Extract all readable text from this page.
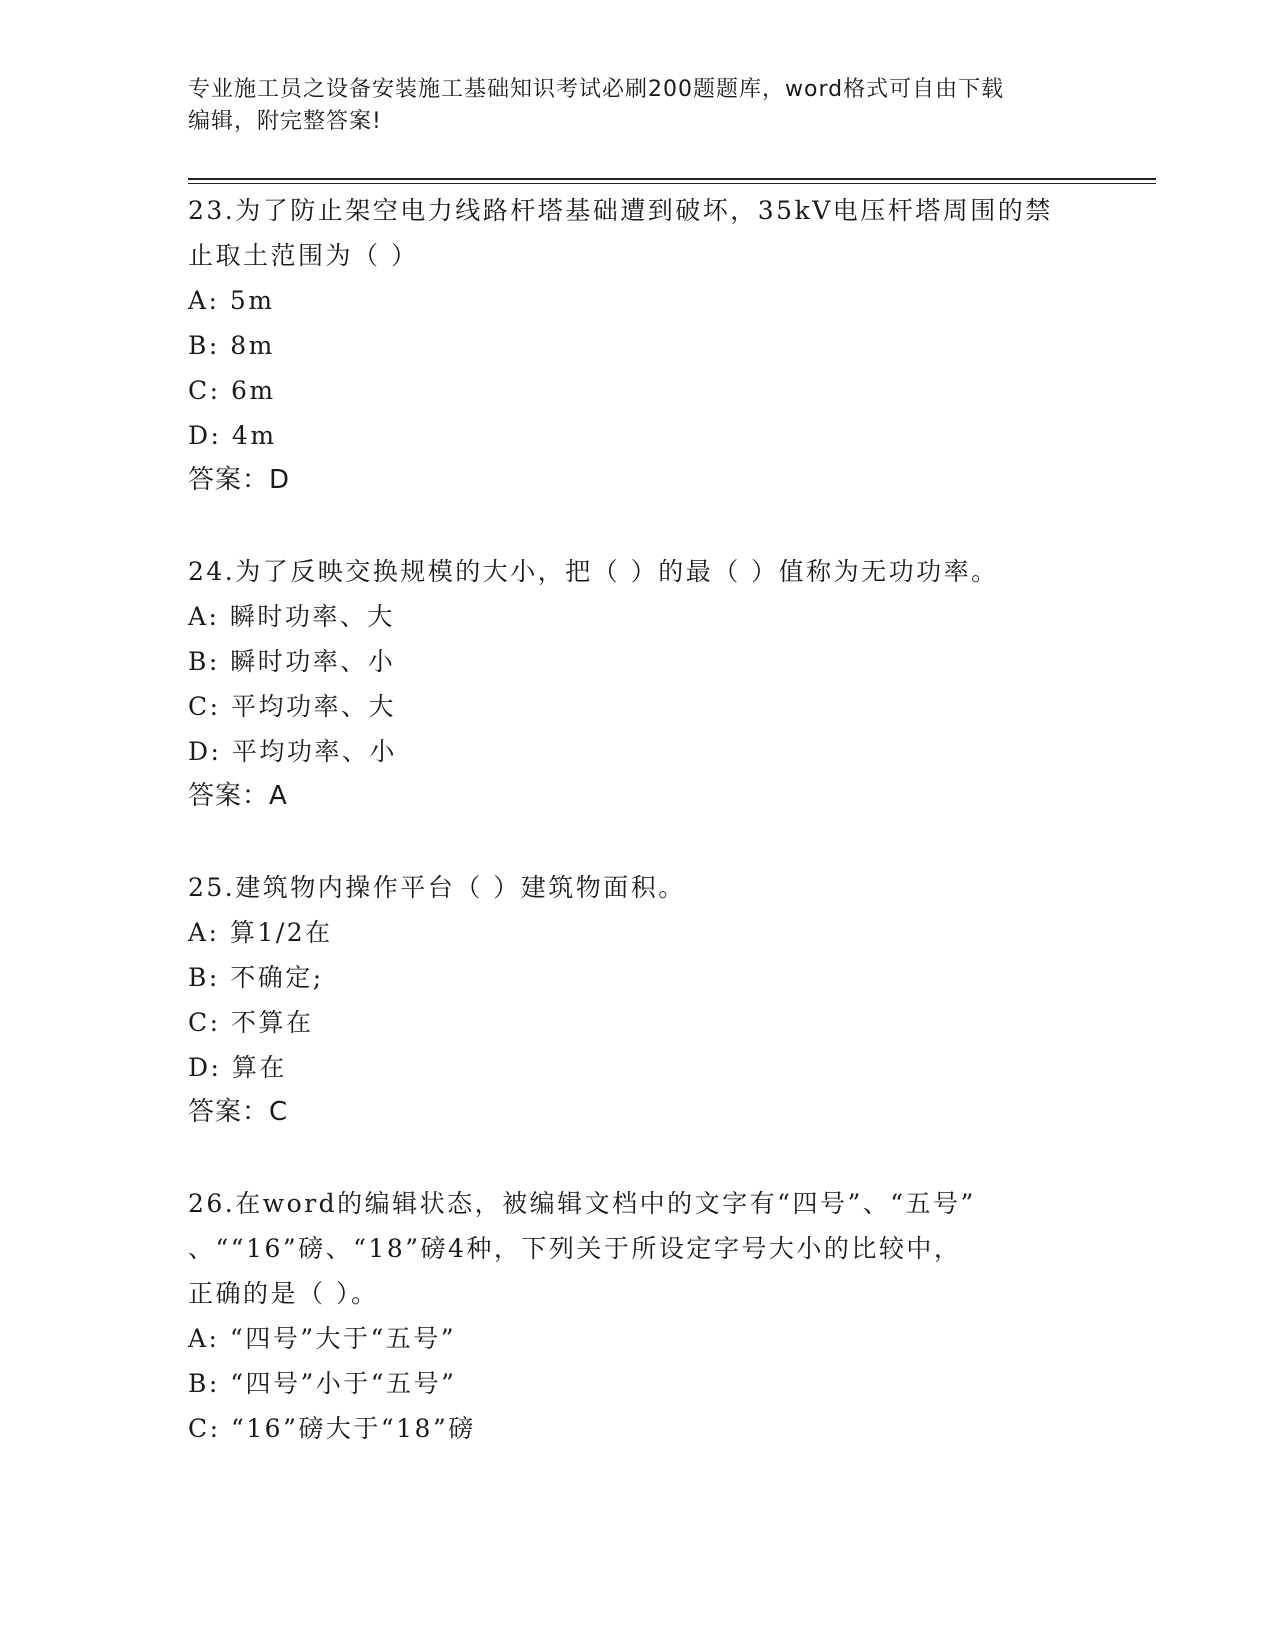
专业施工员之设备安装施工基础知识考试必刷200题题库，word格式可自由下载
编辑，附完整答案!
23.为了防止架空电力线路杆塔基础遭到破坏，35kV电压杆塔周围的禁
止取土范围为（ ）
A: 5m
B: 8m
C: 6m
D: 4m
答案：D
24.为了反映交换规模的大小，把（ ）的最（ ）值称为无功功率。
A: 瞬时功率、大
B: 瞬时功率、小
C: 平均功率、大
D: 平均功率、小
答案：A
25.建筑物内操作平台（ ）建筑物面积。
A: 算1/2在
B: 不确定;
C: 不算在
D: 算在
答案：C
26.在word的编辑状态，被编辑文档中的文字有“四号”、“五号”
、““16”磅、“18”磅4种，下列关于所设定字号大小的比较中，
正确的是（ ）。
A: “四号”大于“五号”
B: “四号”小于“五号”
C: “16”磅大于“18”磅
